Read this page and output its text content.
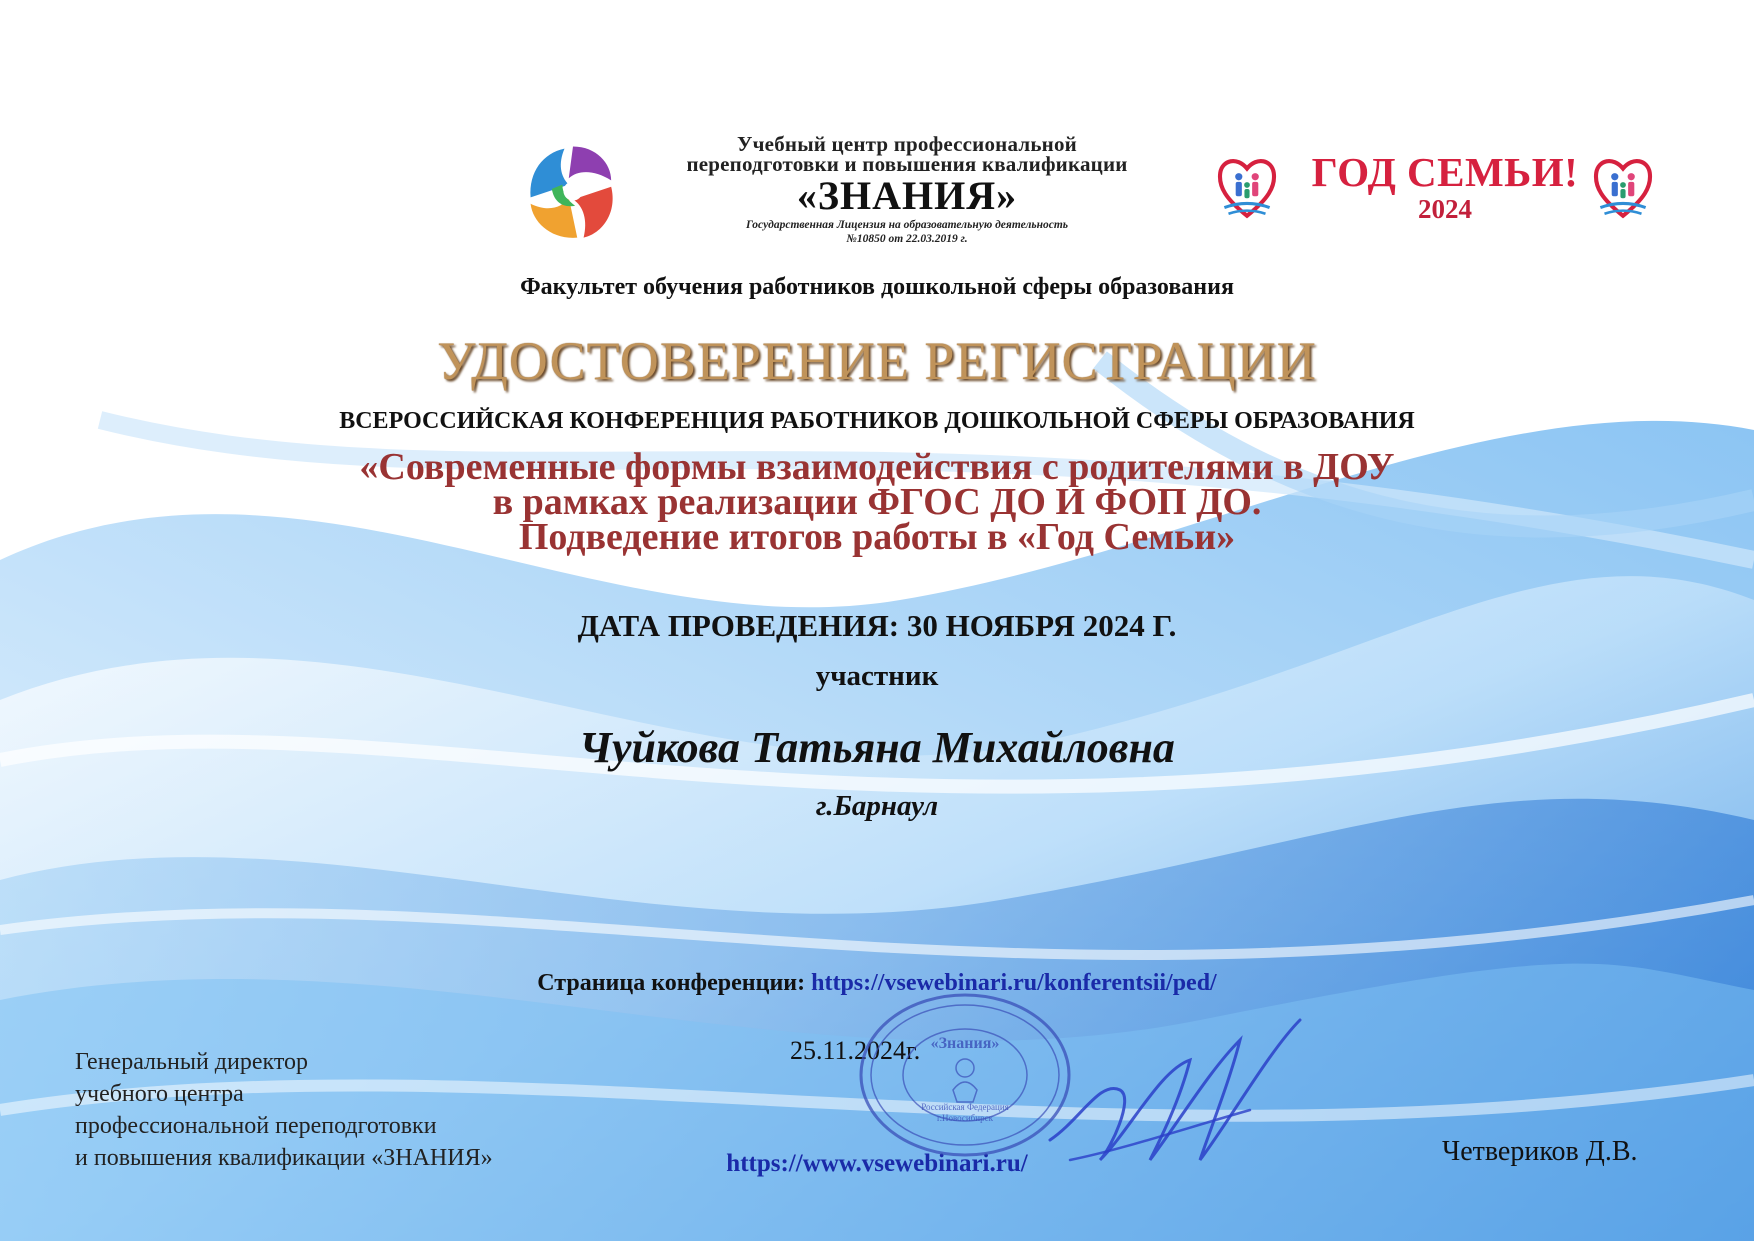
Учебный центр профессиональной
переподготовки и повышения квалификации
«ЗНАНИЯ»
Государственная Лицензия на образовательную деятельность
№10850 от 22.03.2019 г.
ГОД СЕМЬИ!
2024
Факультет обучения работников дошкольной сферы образования
УДОСТОВЕРЕНИЕ РЕГИСТРАЦИИ
ВСЕРОССИЙСКАЯ КОНФЕРЕНЦИЯ РАБОТНИКОВ ДОШКОЛЬНОЙ СФЕРЫ ОБРАЗОВАНИЯ
«Современные формы взаимодействия с родителями в ДОУ
в рамках реализации ФГОС ДО И ФОП ДО.
Подведение итогов работы в «Год Семьи»
ДАТА ПРОВЕДЕНИЯ: 30 НОЯБРЯ 2024 Г.
участник
Чуйкова Татьяна Михайловна
г.Барнаул
Страница конференции: https://vsewebinari.ru/konferentsii/ped/
25.11.2024г.
Генеральный директор
учебного центра
профессиональной переподготовки
и повышения квалификации «ЗНАНИЯ»
«Знания»
Российская Федерация
г.Новосибирск
https://www.vsewebinari.ru/	Четвериков Д.В.
